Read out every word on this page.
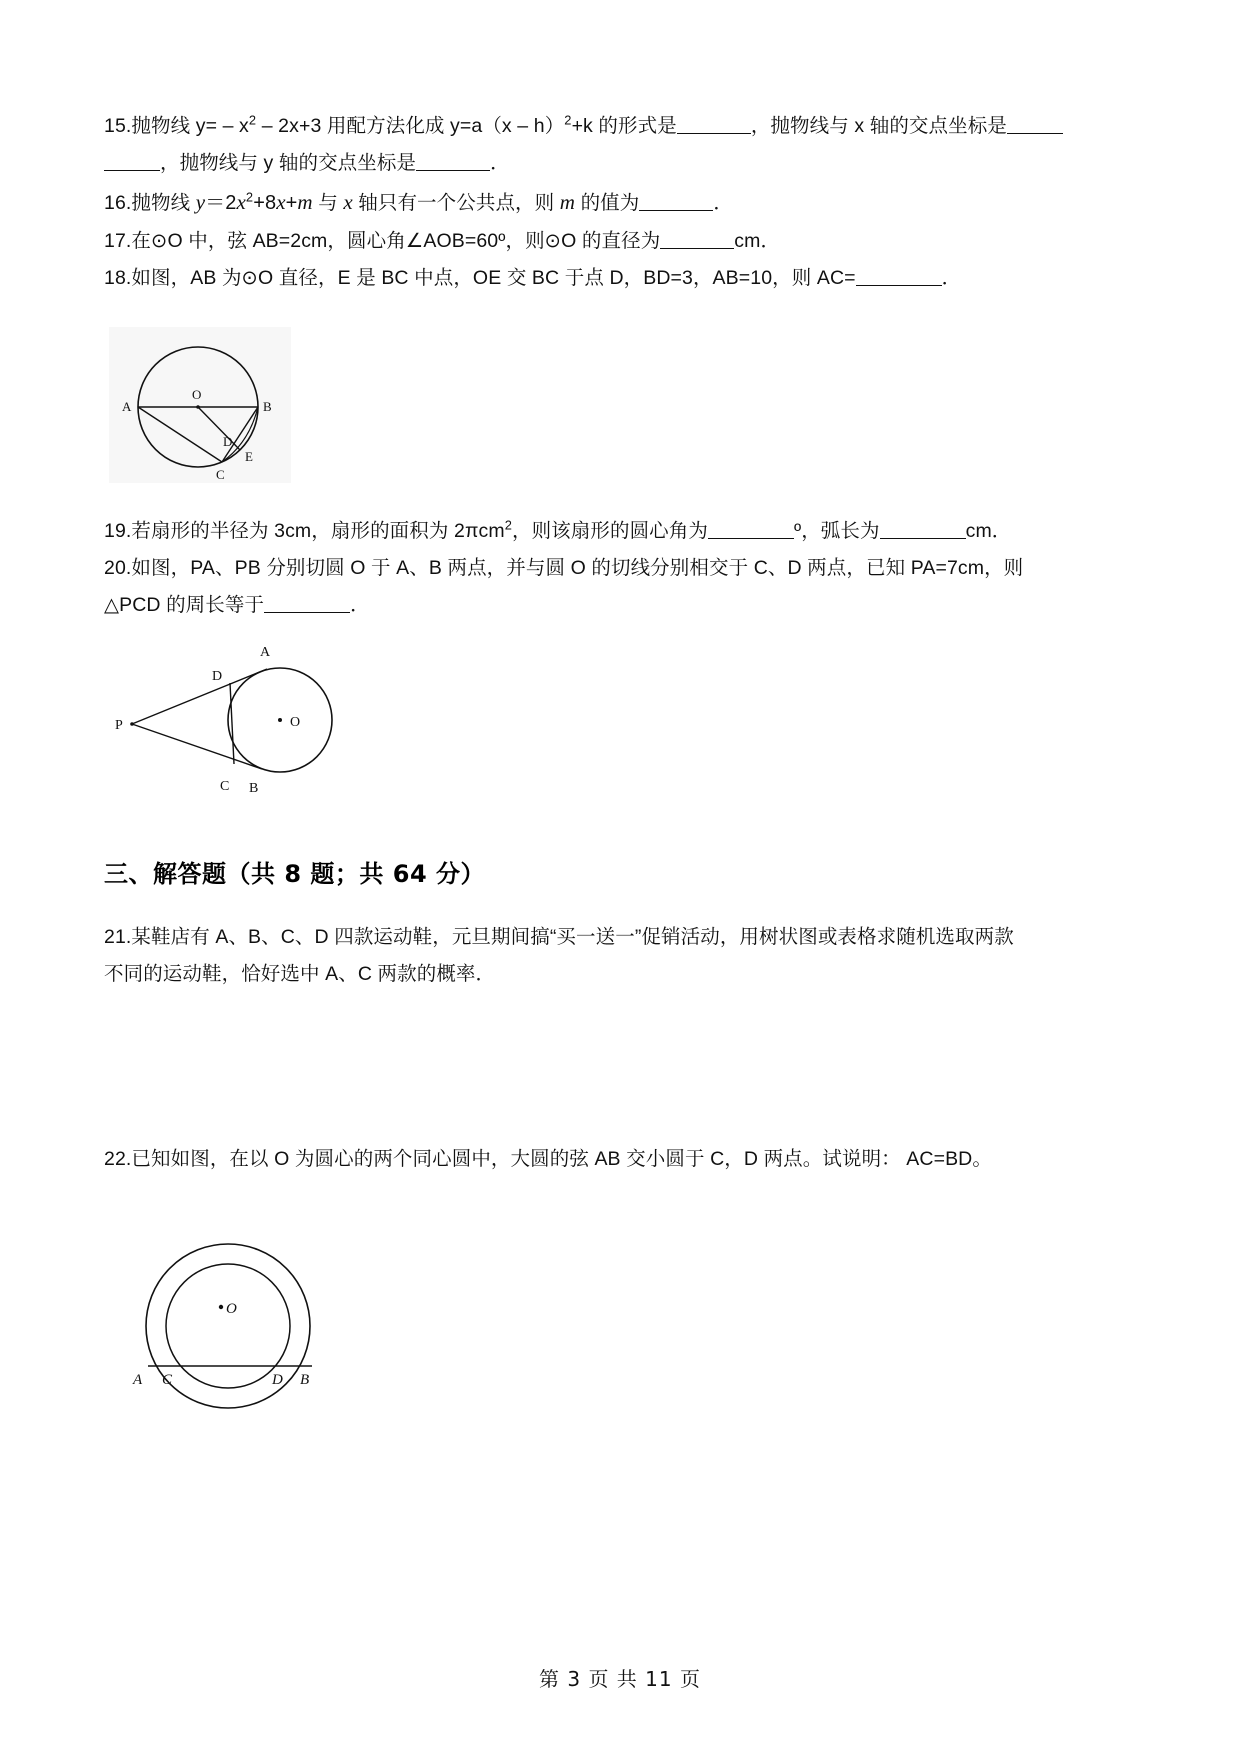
15.抛物线 $y= - x^2 - 2x+3$ 用配方法化成 y=a（x – h）$^2$+k 的形式是	，抛物线与 x 轴的交点坐标是
，抛物线与 y 轴的交点坐标是	．
16.抛物线 $y=2x^2+8x+m$ 与 x 轴只有一个公共点，则 m 的值为	．
17.在⊙O 中，弦 AB=2cm，圆心角∠AOB=60º，则⊙O 的直径为	cm．
18.如图，AB 为⊙O 直径，E 是 BC 中点，OE 交 BC 于点 D，BD=3，AB=10，则 AC=	．
A
O
B
D
E
C
19.若扇形的半径为 3cm，扇形的面积为 2πcm$^2$，则该扇形的圆心角为	º，弧长为	cm．
20.如图，PA、PB 分别切圆 O 于 A、B 两点，并与圆 O 的切线分别相交于 C、D 两点，已知 PA=7cm，则
△PCD 的周长等于	．
A
D
P
C B
O
三、解答题（共 8 题；共 64 分）
21.某鞋店有 A、B、C、D 四款运动鞋，元旦期间搞“买一送一”促销活动，用树状图或表格求随机选取两款
不同的运动鞋，恰好选中 A、C 两款的概率．
22.已知如图，在以 O 为圆心的两个同心圆中，大圆的弦 AB 交小圆于 C，D 两点。试说明： AC=BD。
O
A C	D B
第 3 页 共 11 页
